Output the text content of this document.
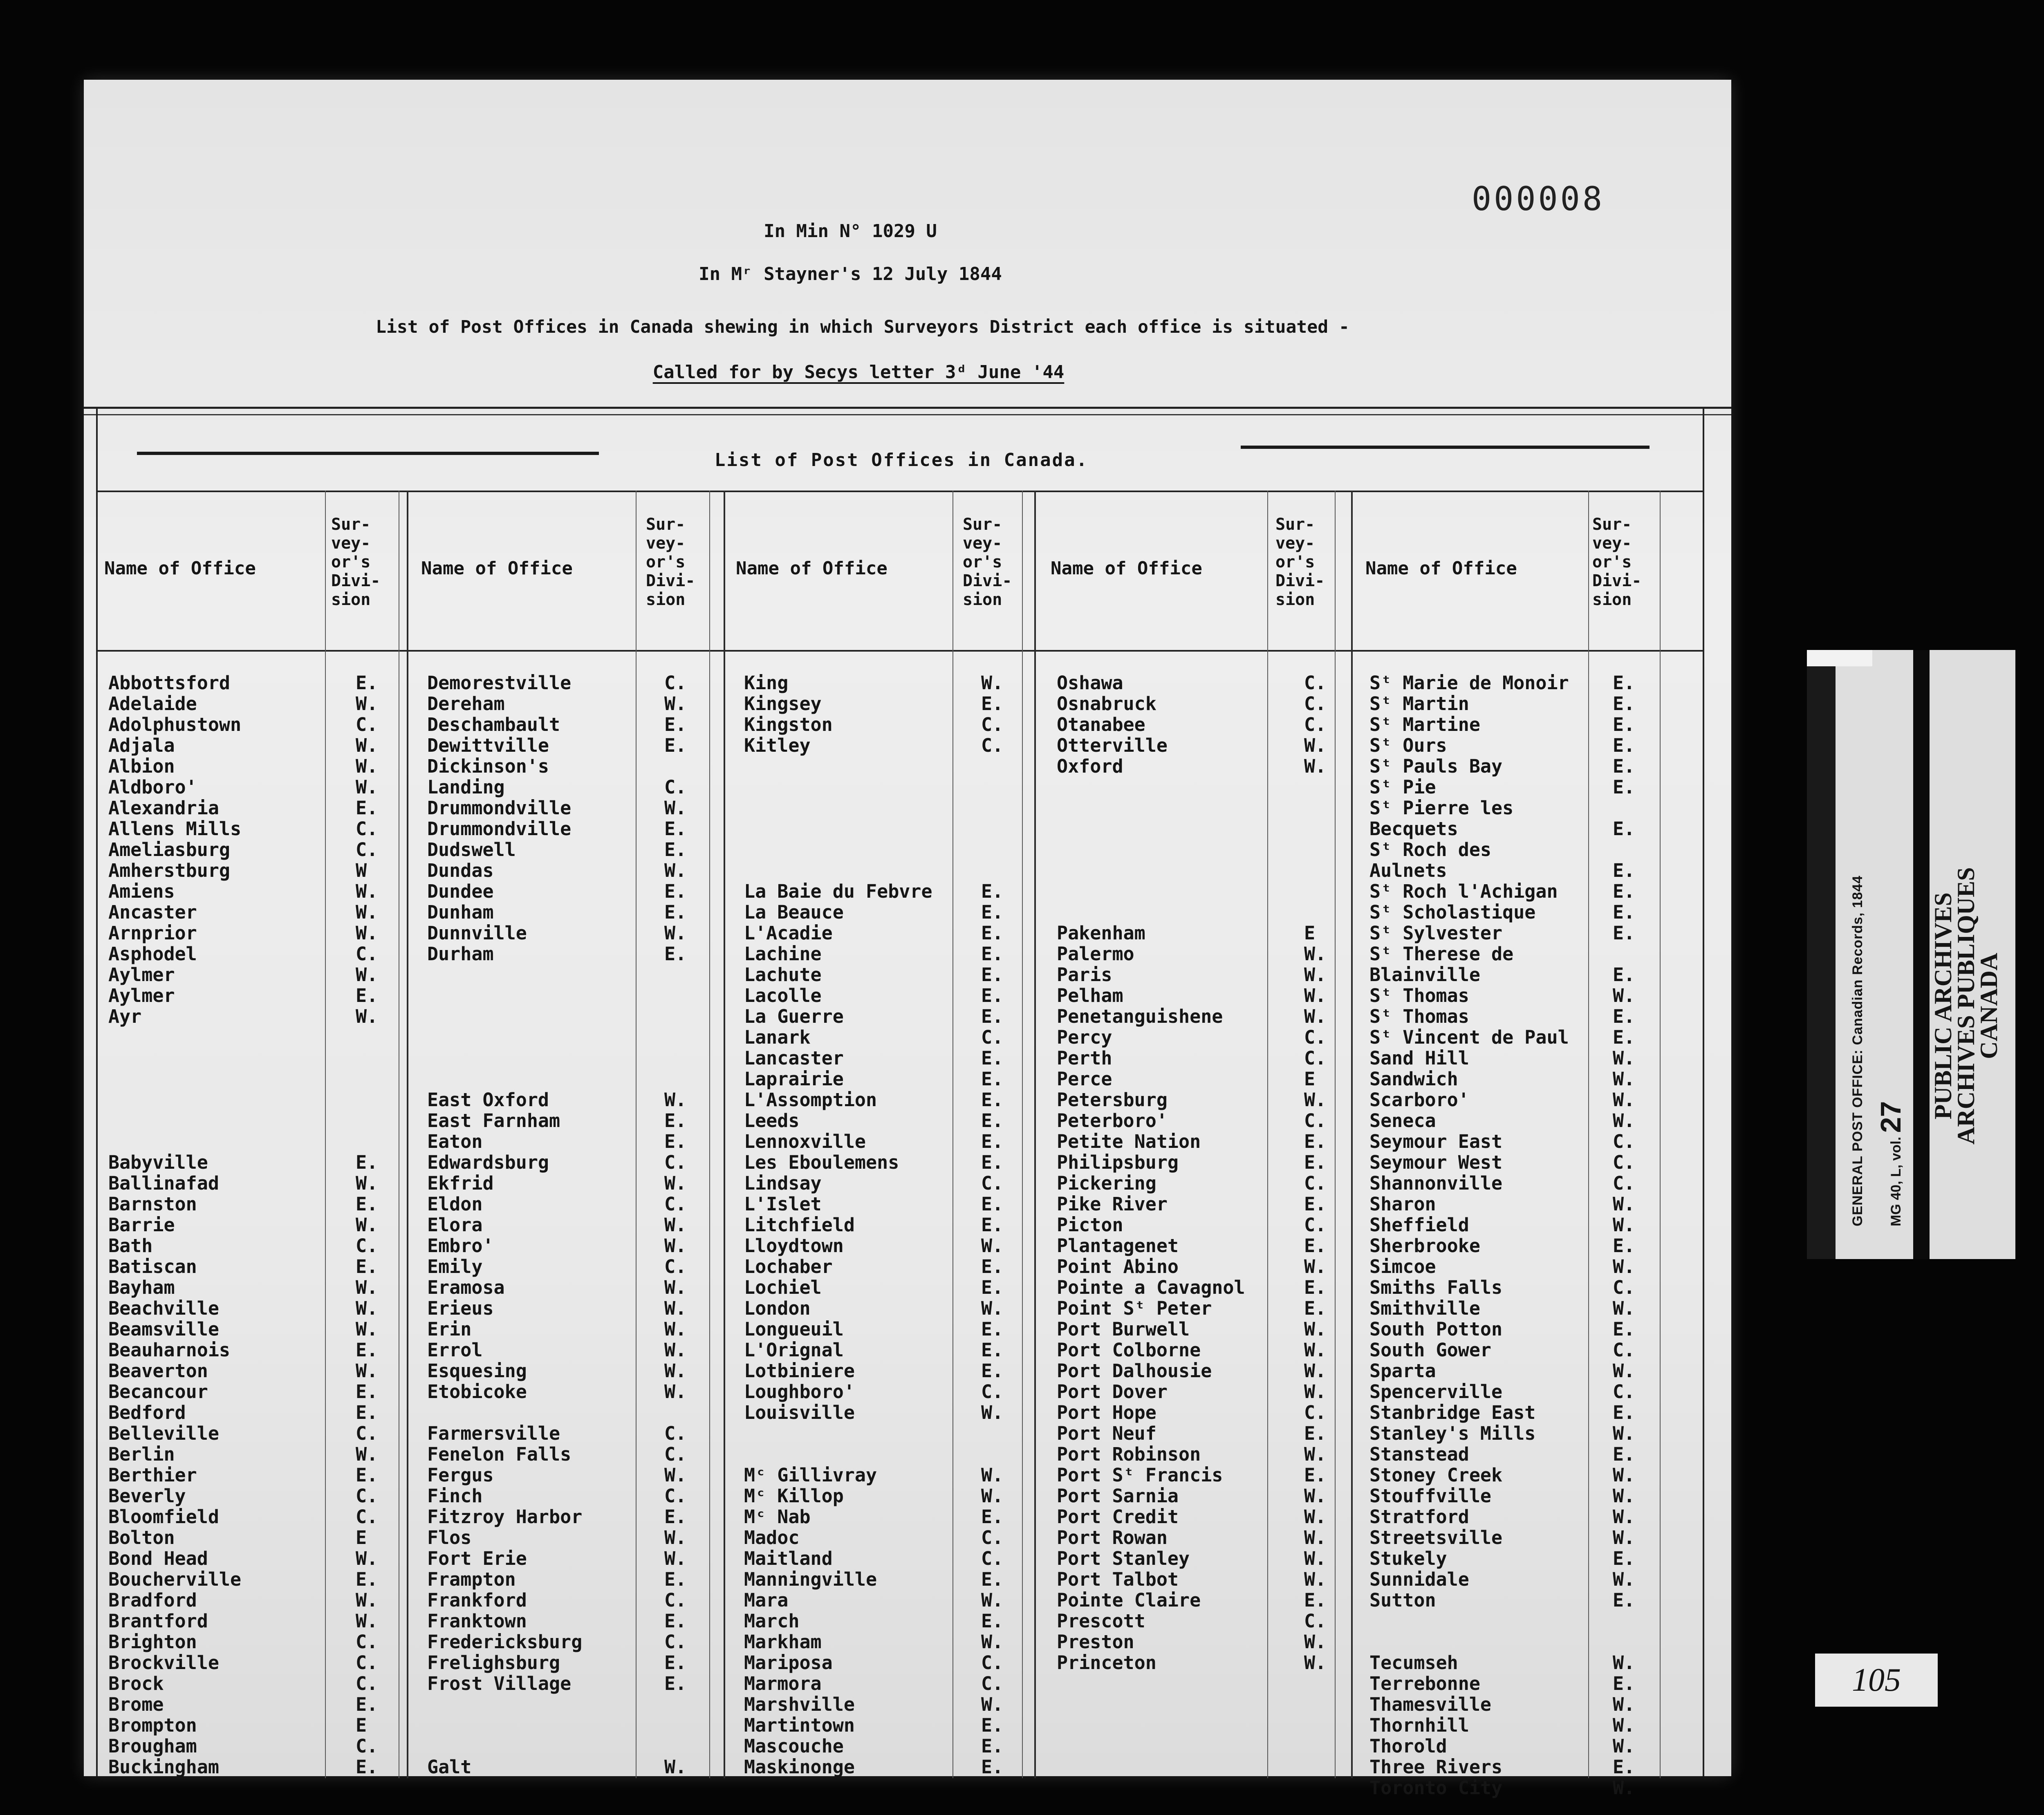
000008
In Min N° 1029 U
In Mʳ Stayner's 12 July 1844
List of Post Offices in Canada shewing in which Surveyors District each office is situated -
Called for by Secys letter 3ᵈ June '44
List of Post Offices in Canada.
Name of Office
Sur-
vey-
or's
Divi-
sion
Name of Office
Sur-
vey-
or's
Divi-
sion
Name of Office
Sur-
vey-
or's
Divi-
sion
Name of Office
Sur-
vey-
or's
Divi-
sion
Name of Office
Sur-
vey-
or's
Divi-
sion
Abbottsford	E.
Adelaide	W.
Adolphustown	C.
Adjala	W.
Albion	W.
Aldboro'	W.
Alexandria	E.
Allens Mills	C.
Ameliasburg	C.
Amherstburg	W
Amiens	W.
Ancaster	W.
Arnprior	W.
Asphodel	C.
Aylmer	W.
Aylmer	E.
Ayr	W.
Babyville	E.
Ballinafad	W.
Barnston	E.
Barrie	W.
Bath	C.
Batiscan	E.
Bayham	W.
Beachville	W.
Beamsville	W.
Beauharnois	E.
Beaverton	W.
Becancour	E.
Bedford	E.
Belleville	C.
Berlin	W.
Berthier	E.
Beverly	C.
Bloomfield	C.
Bolton	E
Bond Head	W.
Boucherville	E.
Bradford	W.
Brantford	W.
Brighton	C.
Brockville	C.
Brock	C.
Brome	E.
Brompton	E
Brougham	C.
Buckingham	E.
Demorestville	C.
Dereham	W.
Deschambault	E.
Dewittville	E.
Dickinson's
Landing	C.
Drummondville	W.
Drummondville	E.
Dudswell	E.
Dundas	W.
Dundee	E.
Dunham	E.
Dunnville	W.
Durham	E.
East Oxford	W.
East Farnham	E.
Eaton	E.
Edwardsburg	C.
Ekfrid	W.
Eldon	C.
Elora	W.
Embro'	W.
Emily	C.
Eramosa	W.
Erieus	W.
Erin	W.
Errol	W.
Esquesing	W.
Etobicoke	W.
Farmersville	C.
Fenelon Falls	C.
Fergus	W.
Finch	C.
Fitzroy Harbor	E.
Flos	W.
Fort Erie	W.
Frampton	E.
Frankford	C.
Franktown	E.
Fredericksburg	C.
Frelighsburg	E.
Frost Village	E.
Galt	W.
King	W.
Kingsey	E.
Kingston	C.
Kitley	C.
La Baie du Febvre	E.
La Beauce	E.
L'Acadie	E.
Lachine	E.
Lachute	E.
Lacolle	E.
La Guerre	E.
Lanark	C.
Lancaster	E.
Laprairie	E.
L'Assomption	E.
Leeds	E.
Lennoxville	E.
Les Eboulemens	E.
Lindsay	C.
L'Islet	E.
Litchfield	E.
Lloydtown	W.
Lochaber	E.
Lochiel	E.
London	W.
Longueuil	E.
L'Orignal	E.
Lotbiniere	E.
Loughboro'	C.
Louisville	W.
Mᶜ Gillivray	W.
Mᶜ Killop	W.
Mᶜ Nab	E.
Madoc	C.
Maitland	C.
Manningville	E.
Mara	W.
March	E.
Markham	W.
Mariposa	C.
Marmora	C.
Marshville	W.
Martintown	E.
Mascouche	E.
Maskinonge	E.
Oshawa	C.
Osnabruck	C.
Otanabee	C.
Otterville	W.
Oxford	W.
Pakenham	E
Palermo	W.
Paris	W.
Pelham	W.
Penetanguishene	W.
Percy	C.
Perth	C.
Perce	E
Petersburg	W.
Peterboro'	C.
Petite Nation	E.
Philipsburg	E.
Pickering	C.
Pike River	E.
Picton	C.
Plantagenet	E.
Point Abino	W.
Pointe a Cavagnol	E.
Point Sᵗ Peter	E.
Port Burwell	W.
Port Colborne	W.
Port Dalhousie	W.
Port Dover	W.
Port Hope	C.
Port Neuf	E.
Port Robinson	W.
Port Sᵗ Francis	E.
Port Sarnia	W.
Port Credit	W.
Port Rowan	W.
Port Stanley	W.
Port Talbot	W.
Pointe Claire	E.
Prescott	C.
Preston	W.
Princeton	W.
Sᵗ Marie de Monoir E.
Sᵗ Martin	E.
Sᵗ Martine	E.
Sᵗ Ours	E.
Sᵗ Pauls Bay	E.
Sᵗ Pie	E.
Sᵗ Pierre les
Becquets	E.
Sᵗ Roch des
Aulnets	E.
Sᵗ Roch l'Achigan	E.
Sᵗ Scholastique	E.
Sᵗ Sylvester	E.
Sᵗ Therese de
Blainville	E.
Sᵗ Thomas	W.
Sᵗ Thomas	E.
Sᵗ Vincent de Paul E.
Sand Hill	W.
Sandwich	W.
Scarboro'	W.
Seneca	W.
Seymour East	C.
Seymour West	C.
Shannonville	C.
Sharon	W.
Sheffield	W.
Sherbrooke	E.
Simcoe	W.
Smiths Falls	C.
Smithville	W.
South Potton	E.
South Gower	C.
Sparta	W.
Spencerville	C.
Stanbridge East	E.
Stanley's Mills	W.
Stanstead	E.
Stoney Creek	W.
Stouffville	W.
Stratford	W.
Streetsville	W.
Stukely	E.
Sunnidale	W.
Sutton	E.
Tecumseh	W.
Terrebonne	E.
Thamesville	W.
Thornhill	W.
Thorold	W.
Three Rivers	E.
Toronto City	W.
GENERAL POST OFFICE: Canadian Records, 1844	MG 40, L, vol. 27 PUBLIC ARCHIVES
ARCHIVES PUBLIQUES
CANADA
105
